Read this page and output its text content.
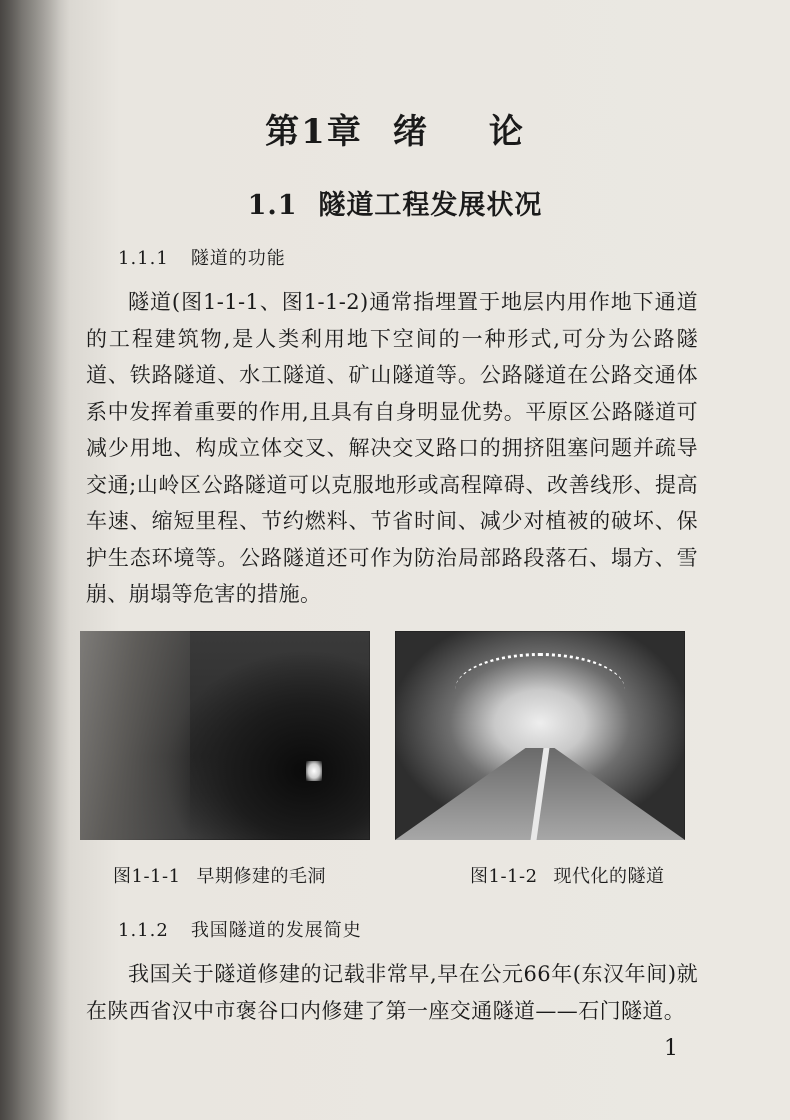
第1章 绪 论
1.1 隧道工程发展状况
1.1.1 隧道的功能

隧道(图1-1-1、图1-1-2)通常指埋置于地层内用作地下通道的工程建筑物,是人类利用地下空间的一种形式,可分为公路隧道、铁路隧道、水工隧道、矿山隧道等。公路隧道在公路交通体系中发挥着重要的作用,且具有自身明显优势。平原区公路隧道可减少用地、构成立体交叉、解决交叉路口的拥挤阻塞问题并疏导交通;山岭区公路隧道可以克服地形或高程障碍、改善线形、提高车速、缩短里程、节约燃料、节省时间、减少对植被的破坏、保护生态环境等。公路隧道还可作为防治局部路段落石、塌方、雪崩、崩塌等危害的措施。

图1-1-1 早期修建的毛洞	图1-1-2 现代化的隧道
1.1.2 我国隧道的发展简史

我国关于隧道修建的记载非常早,早在公元66年(东汉年间)就在陕西省汉中市褒谷口内修建了第一座交通隧道——石门隧道。

1
